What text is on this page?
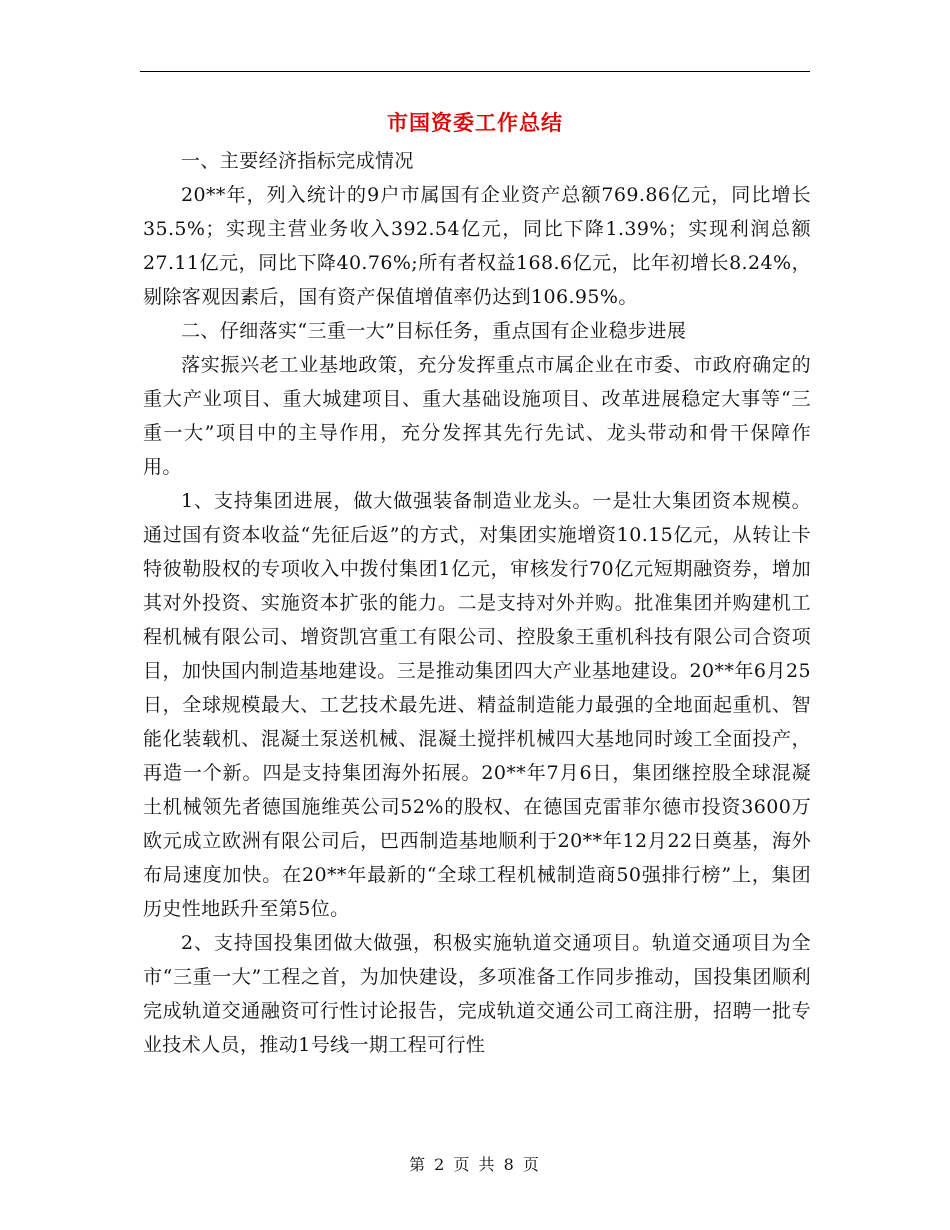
市国资委工作总结

一、主要经济指标完成情况

20**年，列入统计的9户市属国有企业资产总额769.86亿元，同比增长35.5%；实现主营业务收入392.54亿元，同比下降1.39%；实现利润总额27.11亿元，同比下降40.76%;所有者权益168.6亿元，比年初增长8.24%，剔除客观因素后，国有资产保值增值率仍达到106.95%。

二、仔细落实“三重一大”目标任务，重点国有企业稳步进展

落实振兴老工业基地政策，充分发挥重点市属企业在市委、市政府确定的重大产业项目、重大城建项目、重大基础设施项目、改革进展稳定大事等“三重一大”项目中的主导作用，充分发挥其先行先试、龙头带动和骨干保障作用。

1、支持集团进展，做大做强装备制造业龙头。一是壮大集团资本规模。通过国有资本收益“先征后返”的方式，对集团实施增资10.15亿元，从转让卡特彼勒股权的专项收入中拨付集团1亿元，审核发行70亿元短期融资券，增加其对外投资、实施资本扩张的能力。二是支持对外并购。批准集团并购建机工程机械有限公司、增资凯宫重工有限公司、控股象王重机科技有限公司合资项目，加快国内制造基地建设。三是推动集团四大产业基地建设。20**年6月25日，全球规模最大、工艺技术最先进、精益制造能力最强的全地面起重机、智能化装载机、混凝土泵送机械、混凝土搅拌机械四大基地同时竣工全面投产，再造一个新。四是支持集团海外拓展。20**年7月6日，集团继控股全球混凝土机械领先者德国施维英公司52%的股权、在德国克雷菲尔德市投资3600万欧元成立欧洲有限公司后，巴西制造基地顺利于20**年12月22日奠基，海外布局速度加快。在20**年最新的“全球工程机械制造商50强排行榜”上，集团历史性地跃升至第5位。

2、支持国投集团做大做强，积极实施轨道交通项目。轨道交通项目为全市“三重一大”工程之首，为加快建设，多项准备工作同步推动，国投集团顺利完成轨道交通融资可行性讨论报告，完成轨道交通公司工商注册，招聘一批专业技术人员，推动1号线一期工程可行性

第 2 页 共 8 页
